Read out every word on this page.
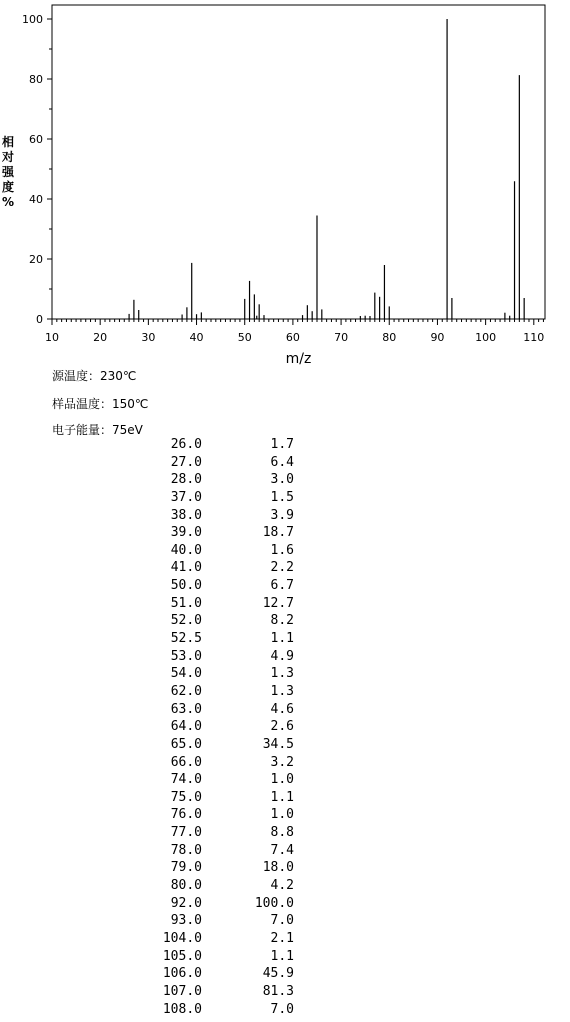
0
20
40
60
80
100
10	20	30	40	50	60	70	80	90	100 110
m/z
相
对
强
度
%
源温度：230℃
样品温度：150℃
电子能量：75eV
26.0	1.7
27.0	6.4
28.0	3.0
37.0	1.5
38.0	3.9
39.0	18.7
40.0	1.6
41.0	2.2
50.0	6.7
51.0	12.7
52.0	8.2
52.5	1.1
53.0	4.9
54.0	1.3
62.0	1.3
63.0	4.6
64.0	2.6
65.0	34.5
66.0	3.2
74.0	1.0
75.0	1.1
76.0	1.0
77.0	8.8
78.0	7.4
79.0	18.0
80.0	4.2
92.0	100.0
93.0	7.0
104.0	2.1
105.0	1.1
106.0	45.9
107.0	81.3
108.0	7.0
